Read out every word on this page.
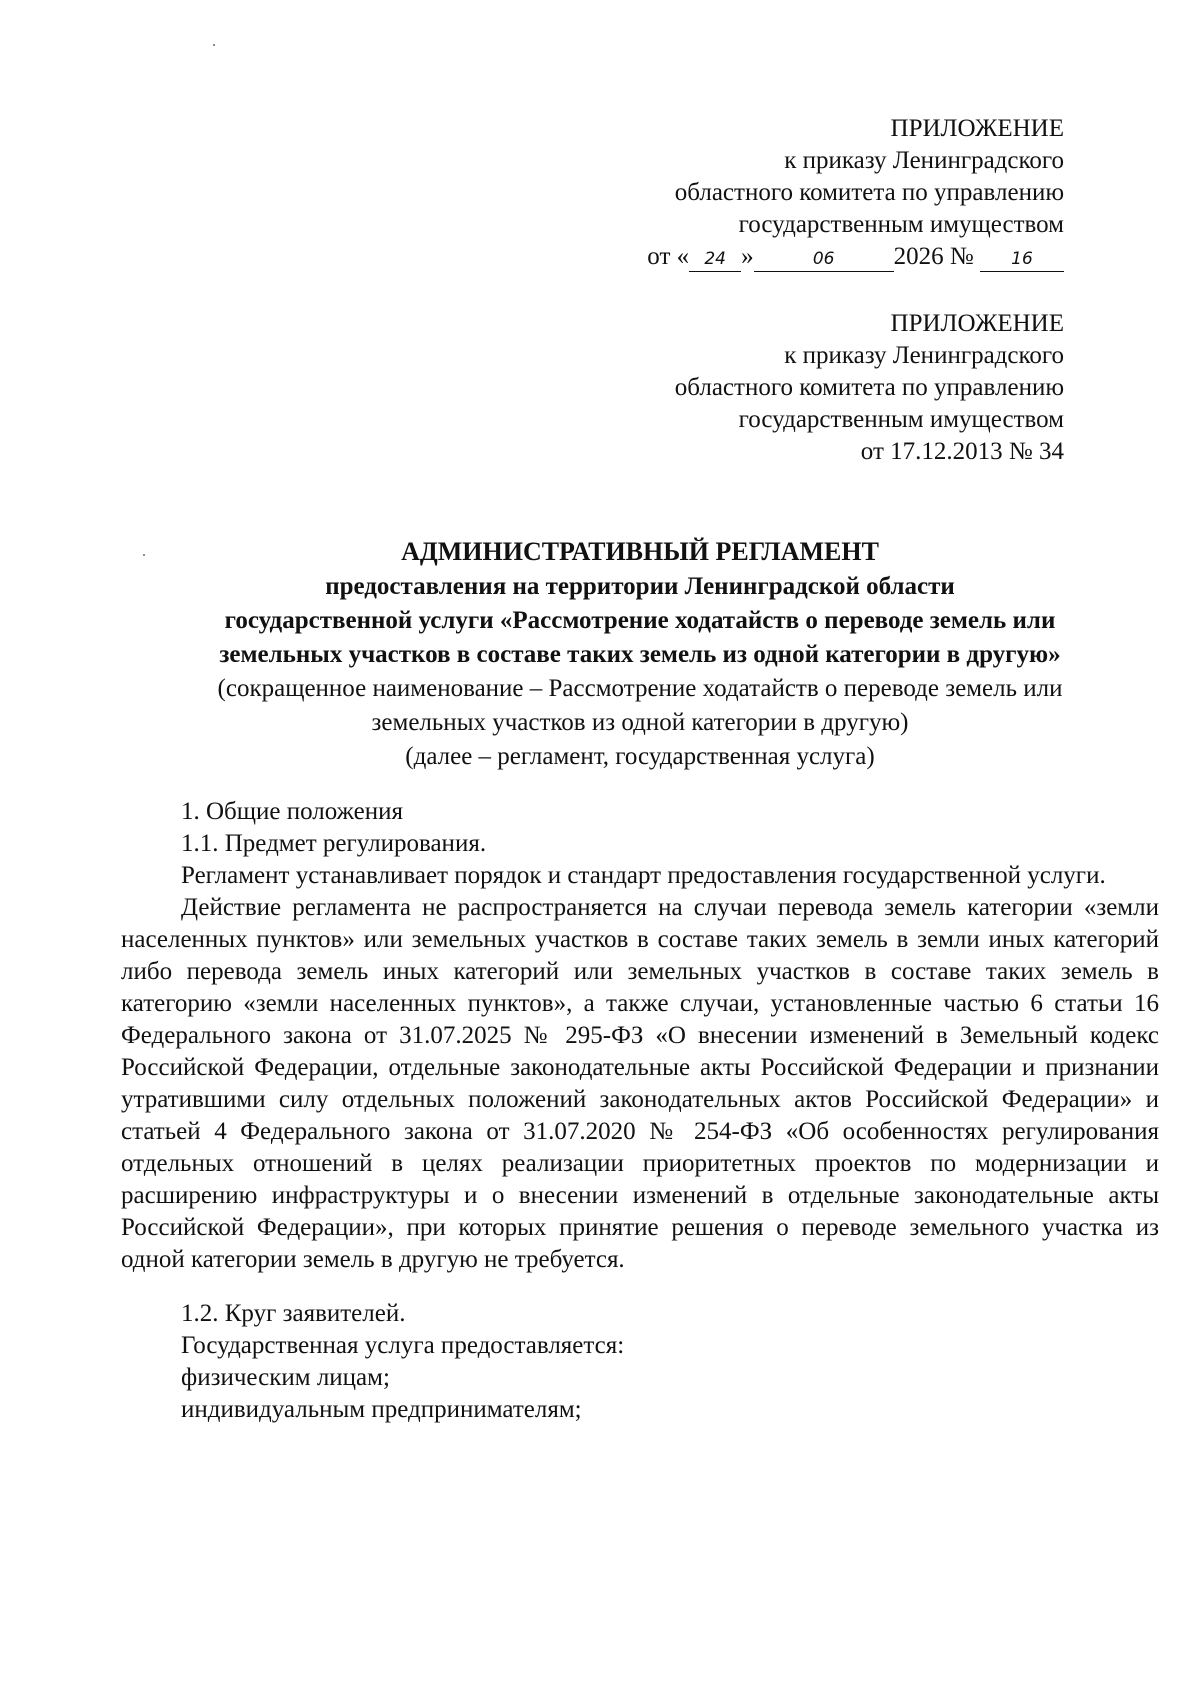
ПРИЛОЖЕНИЕ
к приказу Ленинградского
областного комитета по управлению
государственным имуществом
от « 24 »	06 2026 № 16
ПРИЛОЖЕНИЕ
к приказу Ленинградского
областного комитета по управлению
государственным имуществом
от 17.12.2013 № 34
АДМИНИСТРАТИВНЫЙ РЕГЛАМЕНТ
предоставления на территории Ленинградской области
государственной услуги «Рассмотрение ходатайств о переводе земель или
земельных участков в составе таких земель из одной категории в другую»
(сокращенное наименование – Рассмотрение ходатайств о переводе земель или
земельных участков из одной категории в другую)
(далее – регламент, государственная услуга)

1. Общие положения

1.1. Предмет регулирования.

Регламент устанавливает порядок и стандарт предоставления государственной услуги.

Действие регламента не распространяется на случаи перевода земель категории «земли населенных пунктов» или земельных участков в составе таких земель в земли иных категорий либо перевода земель иных категорий или земельных участков в составе таких земель в категорию «земли населенных пунктов», а также случаи, установленные частью 6 статьи 16 Федерального закона от 31.07.2025 № 295-ФЗ «О внесении изменений в Земельный кодекс Российской Федерации, отдельные законодательные акты Российской Федерации и признании утратившими силу отдельных положений законодательных актов Российской Федерации» и статьей 4 Федерального закона от 31.07.2020 № 254-ФЗ «Об особенностях регулирования отдельных отношений в целях реализации приоритетных проектов по модернизации и расширению инфраструктуры и о внесении изменений в отдельные законодательные акты Российской Федерации», при которых принятие решения о переводе земельного участка из одной категории земель в другую не требуется.

1.2. Круг заявителей.

Государственная услуга предоставляется:

физическим лицам;

индивидуальным предпринимателям;
